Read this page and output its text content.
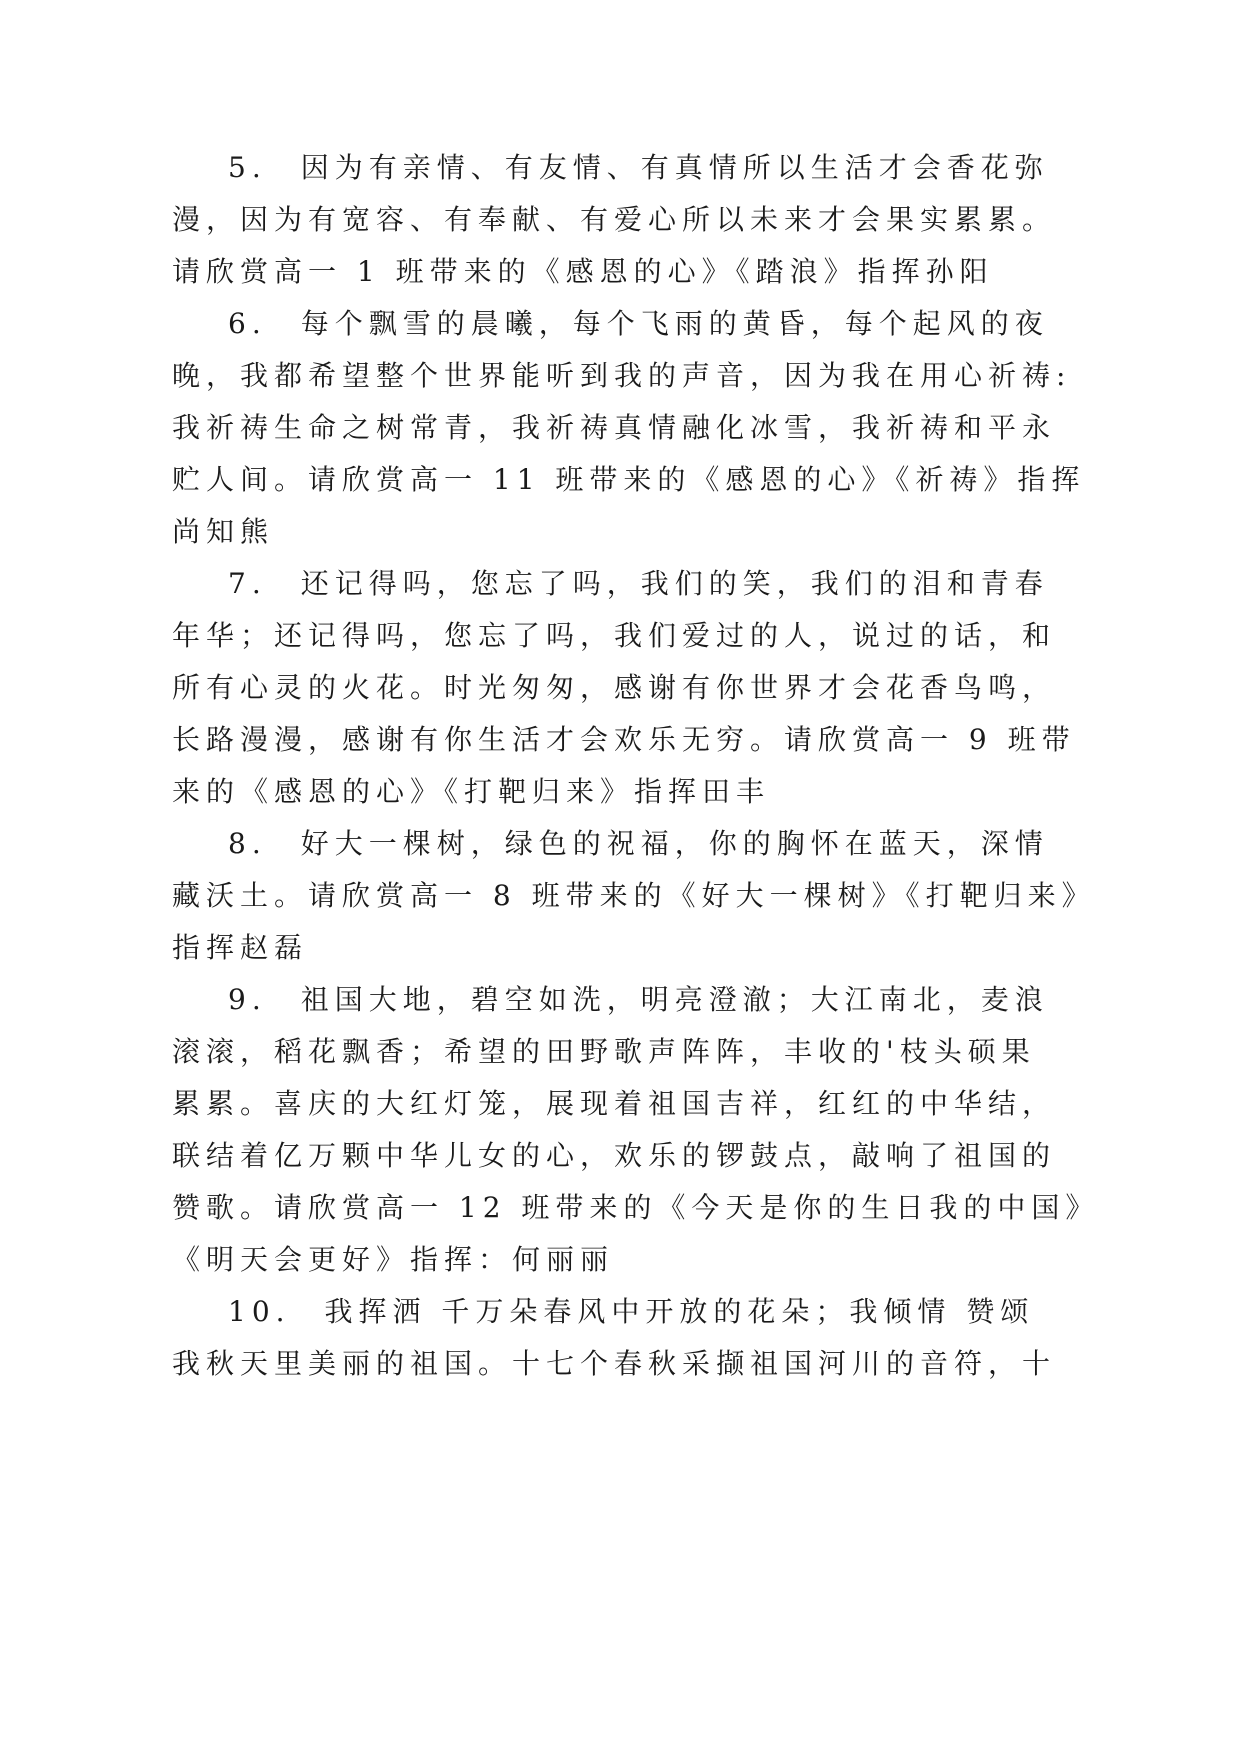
5.　因为有亲情、有友情、有真情所以生活才会香花弥
漫，因为有宽容、有奉献、有爱心所以未来才会果实累累。
请欣赏高一 1 班带来的《感恩的心》《踏浪》指挥孙阳
6.　每个飘雪的晨曦，每个飞雨的黄昏，每个起风的夜
晚，我都希望整个世界能听到我的声音，因为我在用心祈祷:
我祈祷生命之树常青，我祈祷真情融化冰雪，我祈祷和平永
贮人间。请欣赏高一 11 班带来的《感恩的心》《祈祷》指挥
尚知熊
7.　还记得吗，您忘了吗，我们的笑，我们的泪和青春
年华；还记得吗，您忘了吗，我们爱过的人，说过的话，和
所有心灵的火花。时光匆匆，感谢有你世界才会花香鸟鸣，
长路漫漫，感谢有你生活才会欢乐无穷。请欣赏高一 9 班带
来的《感恩的心》《打靶归来》指挥田丰
8.　好大一棵树，绿色的祝福，你的胸怀在蓝天，深情
藏沃土。请欣赏高一 8 班带来的《好大一棵树》《打靶归来》
指挥赵磊
9.　祖国大地，碧空如洗，明亮澄澈；大江南北，麦浪
滚滚，稻花飘香；希望的田野歌声阵阵，丰收的'枝头硕果
累累。喜庆的大红灯笼，展现着祖国吉祥，红红的中华结，
联结着亿万颗中华儿女的心，欢乐的锣鼓点，敲响了祖国的
赞歌。请欣赏高一 12 班带来的《今天是你的生日我的中国》
《明天会更好》指挥：何丽丽
10.　我挥洒 千万朵春风中开放的花朵；我倾情 赞颂
我秋天里美丽的祖国。十七个春秋采撷祖国河川的音符，十
